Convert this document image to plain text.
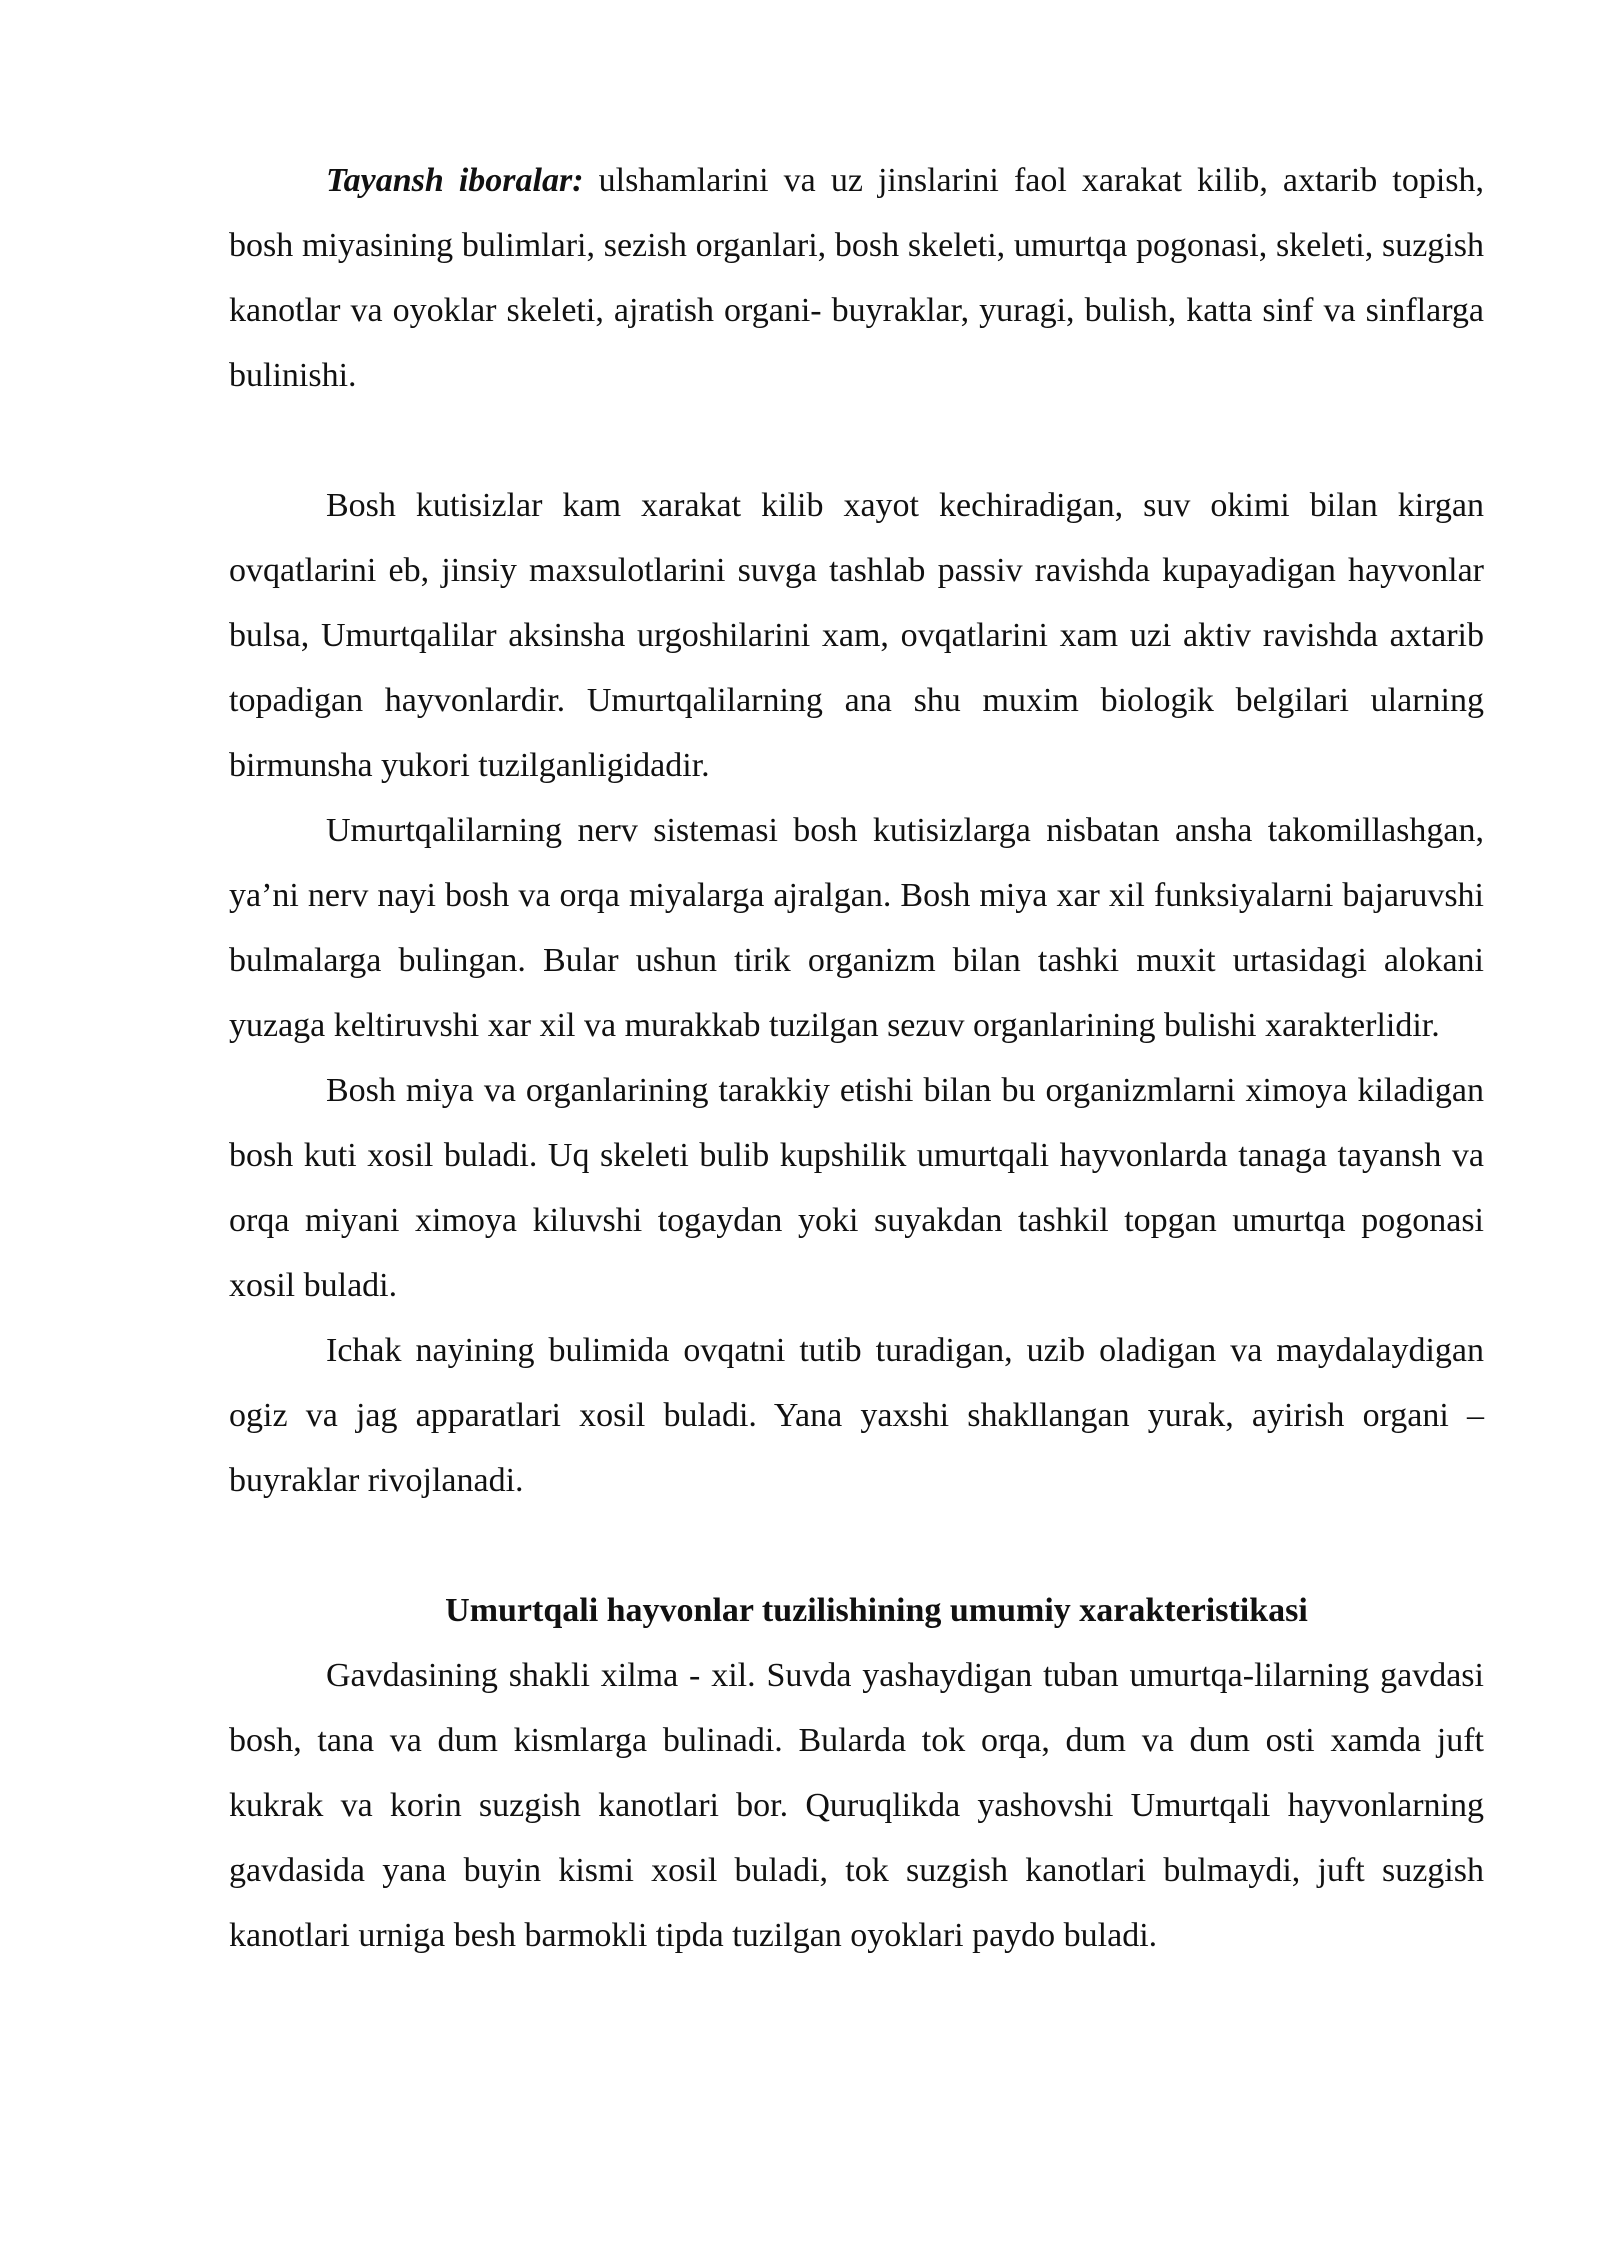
Tayansh iboralar: ulshamlarini va uz jinslarini faol xarakat kilib, axtarib topish, bosh miyasining bulimlari, sezish organlari, bosh skeleti, umurtqa pogonasi, skeleti, suzgish kanotlar va oyoklar skeleti, ajratish organi- buyraklar, yuragi, bulish, katta sinf va sinflarga bulinishi.

Bosh kutisizlar kam xarakat kilib xayot kechiradigan, suv okimi bilan kirgan ovqatlarini eb, jinsiy maxsulotlarini suvga tashlab passiv ravishda kupayadigan hayvonlar bulsa, Umurtqalilar aksinsha urgoshilarini xam, ovqatlarini xam uzi aktiv ravishda axtarib topadigan hayvonlardir. Umurtqalilarning ana shu muxim biologik belgilari ularning birmunsha yukori tuzilganligidadir.

Umurtqalilarning nerv sistemasi bosh kutisizlarga nisbatan ansha takomillashgan, ya’ni nerv nayi bosh va orqa miyalarga ajralgan. Bosh miya xar xil funksiyalarni bajaruvshi bulmalarga bulingan. Bular ushun tirik organizm bilan tashki muxit urtasidagi alokani yuzaga keltiruvshi xar xil va murakkab tuzilgan sezuv organlarining bulishi xarakterlidir.

Bosh miya va organlarining tarakkiy etishi bilan bu organizmlarni ximoya kiladigan bosh kuti xosil buladi. Uq skeleti bulib kupshilik umurtqali hayvonlarda tanaga tayansh va orqa miyani ximoya kiluvshi togaydan yoki suyakdan tashkil topgan umurtqa pogonasi xosil buladi.

Ichak nayining bulimida ovqatni tutib turadigan, uzib oladigan va maydalaydigan ogiz va jag apparatlari xosil buladi. Yana yaxshi shakllangan yurak, ayirish organi – buyraklar rivojlanadi.

Umurtqali hayvonlar tuzilishining umumiy xarakteristikasi

Gavdasining shakli xilma - xil. Suvda yashaydigan tuban umurtqa-lilarning gavdasi bosh, tana va dum kismlarga bulinadi. Bularda tok orqa, dum va dum osti xamda juft kukrak va korin suzgish kanotlari bor. Quruqlikda yashovshi Umurtqali hayvonlarning gavdasida yana buyin kismi xosil buladi, tok suzgish kanotlari bulmaydi, juft suzgish kanotlari urniga besh barmokli tipda tuzilgan oyoklari paydo buladi.
